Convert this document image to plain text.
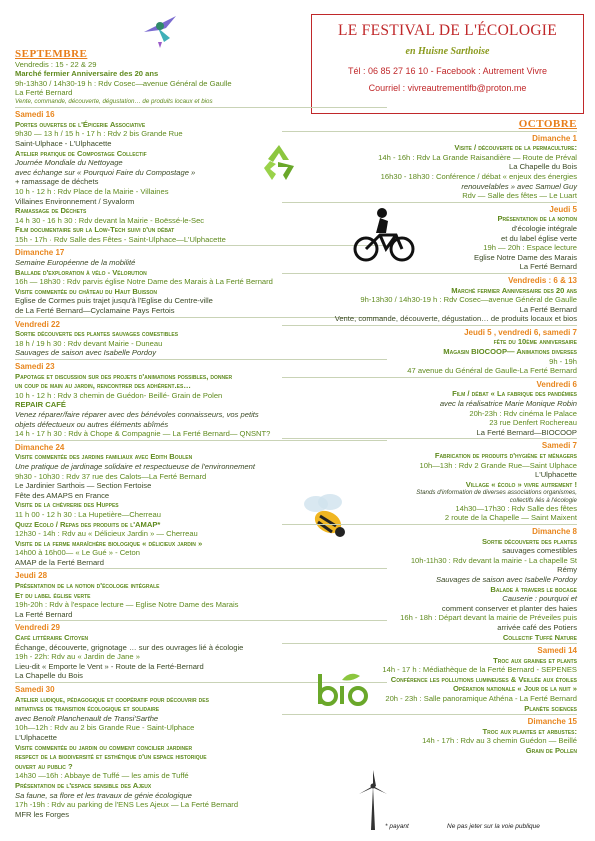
LE FESTIVAL DE L'ÉCOLOGIE
en Huisne Sarthoise
Tél : 06 85 27 16 10 - Facebook : Autrement Vivre
Courriel : vivreautrementlfb@proton.me
SEPTEMBRE
Vendredis : 15 - 22 & 29
Marché fermier Anniversaire des 20 ans
9h-13h30 / 14h30-19 h : Rdv Cosec—avenue Général de Gaulle
La Ferté Bernard
Vente, commande, découverte, dégustation… de produits locaux et bios
Samedi 16
Portes ouvertes de l'Épicerie Associative
9h30 — 13 h / 15 h - 17 h : Rdv 2 bis Grande Rue
Saint-Ulphace - L'Ulphacette
Atelier pratique de Compostage Collectif
Journée Mondiale du Nettoyage
avec échange sur « Pourquoi Faire du Compostage »
+ ramassage de déchets
10 h - 12 h : Rdv Place de la Mairie - Villaines
Villaines Environnement / Syvalorm
Ramassage de Déchets
14 h 30 - 16 h 30 : Rdv devant la Mairie - Boëssé-le-Sec
Film documentaire sur la Low-Tech suivi d'un débat
15h - 17h · Rdv Salle des Fêtes - Saint-Ulphace—L'Ulphacette
Dimanche 17
Semaine Européenne de la mobilité
Ballade d'exploration à vélo - Vélorution
16h — 18h30 : Rdv parvis église Notre Dame des Marais à La Ferté Bernard
Visite commentée du château du Haut Buisson
Eglise de Cormes puis trajet jusqu'à l'Eglise du Centre-ville
de La Ferté Bernard—Cyclamaine Pays Fertois
Vendredi 22
Sortie découverte des plantes sauvages comestibles
18 h / 19 h 30 : Rdv devant Mairie - Duneau
Sauvages de saison avec Isabelle Pordoy
Samedi 23
Papotage et discussion sur des projets d'animations possibles, donner
un coup de main au jardin, rencontrer des adhérent.es…
10 h - 12 h : Rdv 3 chemin de Guédon- Beillé- Grain de Polen
REPAIR CAFÉ
Venez réparer/faire réparer avec des bénévoles connaisseurs, vos petits
objets défectueux ou autres éléments abîmés
14 h - 17 h 30 : Rdv à Chope & Compagnie — La Ferté Bernard— QNSNT?
Dimanche 24
Visite commentée des jardins familiaux avec Edith Boulen
Une pratique de jardinage solidaire et respectueuse de l'environnement
9h30 - 10h30 : Rdv 37 rue des Calots—La Ferté Bernard
Le Jardinier Sarthois — Section Fertoise
Fête des AMAPS en France
Visite de la chèvrerie des Huppes
11 h 00 - 12 h 30 : La Hupetière—Cherreau
Quizz Ecolo / Repas des produits de l'AMAP*
12h30 - 14h : Rdv au « Délicieux Jardin » — Cherreau
Visite de la ferme maraîchère biologique « délicieux jardin »
14h00 à 16h00— « Le Gué » - Ceton
AMAP de la Ferté Bernard
Jeudi 28
Présentation de la notion d'écologie intégrale
Et du label église verte
19h-20h : Rdv à l'espace lecture — Eglise Notre Dame des Marais
La Ferté Bernard
Vendredi 29
Café littéraire Citoyen
Échange, découverte, grignotage … sur des ouvrages lié à écologie
19h - 22h: Rdv au « Jardin de Jane »
Lieu-dit « Emporte le Vent » - Route de la Ferté-Bernard
La Chapelle du Bois
Samedi 30
Atelier ludique, pédagogique et coopératif pour découvrir des
initiatives de transition écologique et solidaire
avec Benoît Planchenault de Transi'Sarthe
10h—12h : Rdv au 2 bis Grande Rue - Saint-Ulphace
L'Ulphacette
Visite commentée du jardin ou comment concilier jardiner
respect de la biodiversité et esthétique d'un espace historique
ouvert au public ?
14h30 —16h : Abbaye de Tuffé — les amis de Tuffé
Présentation de l'espace sensible des Ajeux
Sa faune, sa flore et les travaux de génie écologique
17h -19h : Rdv au parking de l'ENS Les Ajeux — La Ferté Bernard
MFR les Forges
OCTOBRE
Dimanche 1
Visite / découverte de la permaculture:
14h - 16h : Rdv La Grande Raisandière — Route de Préval
La Chapelle du Bois
16h30 - 18h30 : Conférence / débat « enjeux des énergies
renouvelables » avec Samuel Guy
Rdv — Salle des fêtes — Le Luart
Jeudi 5
Présentation de la notion
d'écologie intégrale
et du label église verte
19h — 20h : Espace lecture
Eglise Notre Dame des Marais
La Ferté Bernard
Vendredis : 6 & 13
Marché fermier Anniversaire des 20 ans
9h-13h30 / 14h30-19 h : Rdv Cosec—avenue Général de Gaulle
La Ferté Bernard
Vente, commande, découverte, dégustation… de produits locaux et bios
Jeudi 5 , vendredi 6, samedi 7
fête du 10ème anniversaire
Magasin BIOCOOP— Animations diverses
9h - 19h
47 avenue du Général de Gaulle-La Ferté Bernard
Vendredi 6
Film / débat « La fabrique des pandémies
avec la réalisatrice Marie Monique Robin
20h-23h : Rdv cinéma le Palace
23 rue Denfert Rochereau
La Ferté Bernard—BIOCOOP
Samedi 7
Fabrication de produits d'hygiène et ménagers
10h—13h : Rdv 2 Grande Rue—Saint Ulphace
L'Ulphacette
Village « écolo » vivre autrement !
Stands d'information de diverses associations organismes,
collectifs liés à l'écologie
14h30—17h30 : Rdv Salle des fêtes
2 route de la Chapelle — Saint Maixent
Dimanche 8
Sortie découverte des plantes
sauvages comestibles
10h-11h30 : Rdv devant la mairie - La chapelle St
Rémy
Sauvages de saison avec Isabelle Pordoy
Balade à travers le bocage
Causerie : pourquoi et
comment conserver et planter des haies
16h - 18h : Départ devant la mairie de Préveiles puis
arrivée café des Potiers
Collectif Tuffé Nature
Samedi 14
Troc aux graines et plants
14h - 17 h : Médiathèque de la Ferté Bernard - SEPENES
Conférence les pollutions lumineuses & Veillée aux étoiles
Opération nationale « Jour de la nuit »
20h - 23h : Salle panoramique Athéna - La Ferté Bernard
Planète sciences
Dimanche 15
Troc aux plantes et arbustes:
14h - 17h : Rdv au 3 chemin Guédon — Beillé
Grain de Pollen
* payant	Ne pas jeter sur la voie publique
